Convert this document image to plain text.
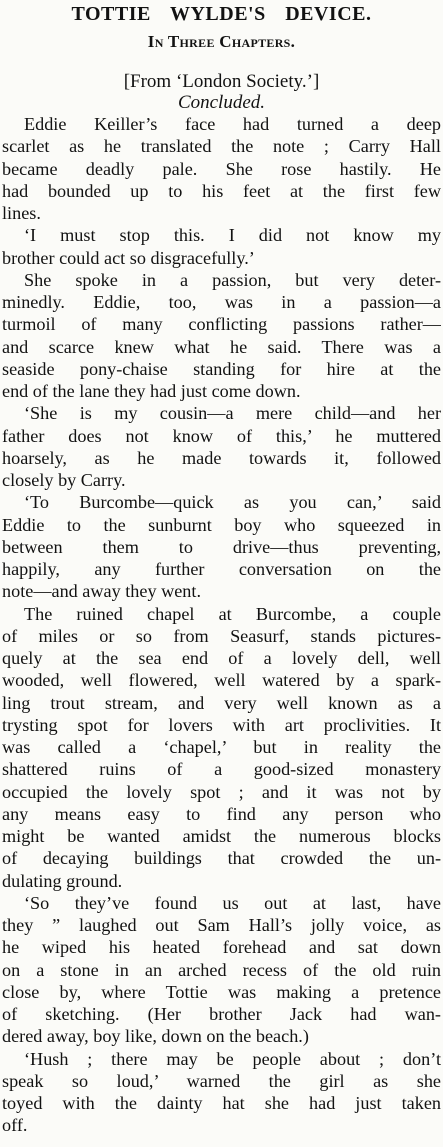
TOTTIE WYLDE'S DEVICE.
In Three Chapters.
[From ‘London Society.’]
Concluded.
Eddie Keiller’s face had turned a deep
scarlet as he translated the note ; Carry Hall
became deadly pale. She rose hastily. He
had bounded up to his feet at the first few
lines.
‘I must stop this. I did not know my
brother could act so disgracefully.’
She spoke in a passion, but very deter-
minedly. Eddie, too, was in a passion—a
turmoil of many conflicting passions rather—
and scarce knew what he said. There was a
seaside pony-chaise standing for hire at the
end of the lane they had just come down.
‘She is my cousin—a mere child—and her
father does not know of this,’ he muttered
hoarsely, as he made towards it, followed
closely by Carry.
‘To Burcombe—quick as you can,’ said
Eddie to the sunburnt boy who squeezed in
between them to drive—thus preventing,
happily, any further conversation on the
note—and away they went.
The ruined chapel at Burcombe, a couple
of miles or so from Seasurf, stands pictures-
quely at the sea end of a lovely dell, well
wooded, well flowered, well watered by a spark-
ling trout stream, and very well known as a
trysting spot for lovers with art proclivities. It
was called a ‘chapel,’ but in reality the
shattered ruins of a good-sized monastery
occupied the lovely spot ; and it was not by
any means easy to find any person who
might be wanted amidst the numerous blocks
of decaying buildings that crowded the un-
dulating ground.
‘So they’ve found us out at last, have
they ” laughed out Sam Hall’s jolly voice, as
he wiped his heated forehead and sat down
on a stone in an arched recess of the old ruin
close by, where Tottie was making a pretence
of sketching. (Her brother Jack had wan-
dered away, boy like, down on the beach.)
‘Hush ; there may be people about ; don’t
speak so loud,’ warned the girl as she
toyed with the dainty hat she had just taken
off.
